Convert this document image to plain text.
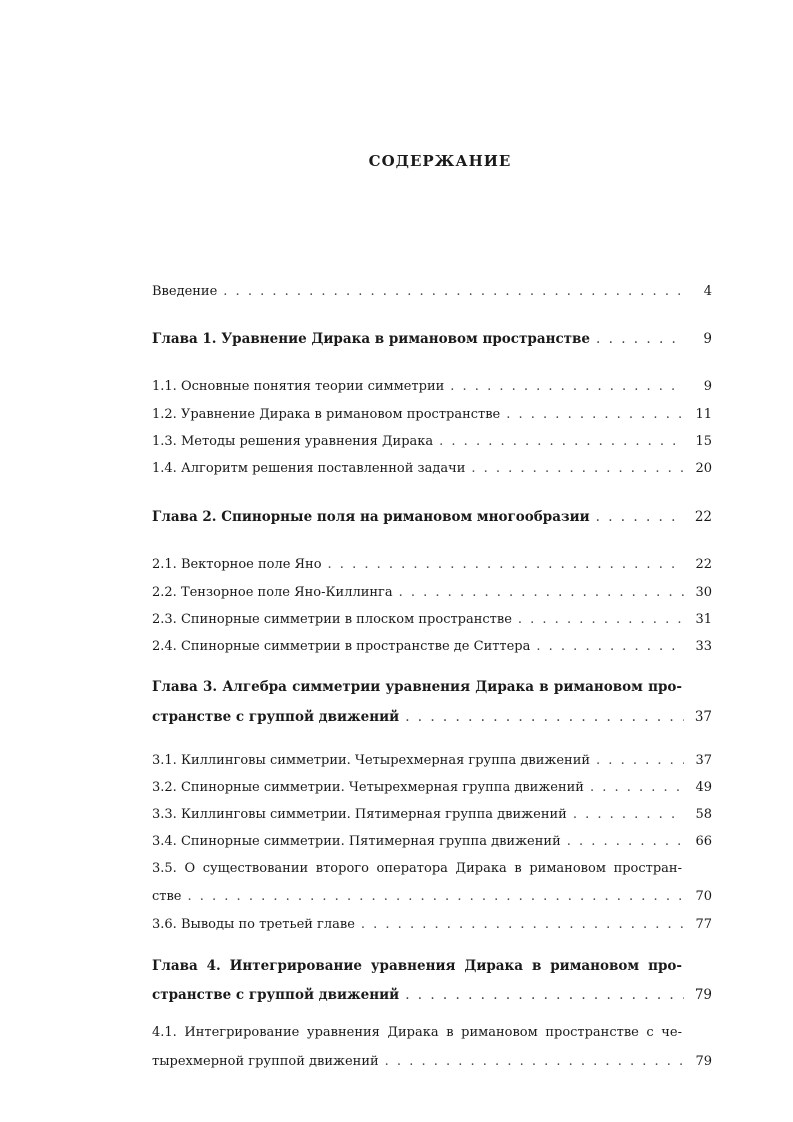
СОДЕРЖАНИЕ
Введение . . .	4
Глава 1. Уравнение Дирака в римановом пространстве . . .	9
1.1. Основные понятия теории симметрии . . .	9
1.2. Уравнение Дирака в римановом пространстве . . .	11
1.3. Методы решения уравнения Дирака . . .	15
1.4. Алгоритм решения поставленной задачи . . .	20
Глава 2. Спинорные поля на римановом многообразии . . .	22
2.1. Векторное поле Яно . . .	22
2.2. Тензорное поле Яно-Киллинга . . .	30
2.3. Спинорные симметрии в плоском пространстве . . .	31
2.4. Спинорные симметрии в пространстве де Ситтера . . .	33
Глава 3. Алгебра симметрии уравнения Дирака в римановом про-
странстве с группой движений . . .	37
3.1. Киллинговы симметрии. Четырехмерная группа движений . . .	37
3.2. Спинорные симметрии. Четырехмерная группа движений . . .	49
3.3. Киллинговы симметрии. Пятимерная группа движений . . .	58
3.4. Спинорные симметрии. Пятимерная группа движений . . .	66
3.5. О существовании второго оператора Дирака в римановом простран-
стве . . .	70
3.6. Выводы по третьей главе . . .	77
Глава 4. Интегрирование уравнения Дирака в римановом про-
странстве с группой движений . . .	79
4.1. Интегрирование уравнения Дирака в римановом пространстве с че-
тырехмерной группой движений . . .	79
